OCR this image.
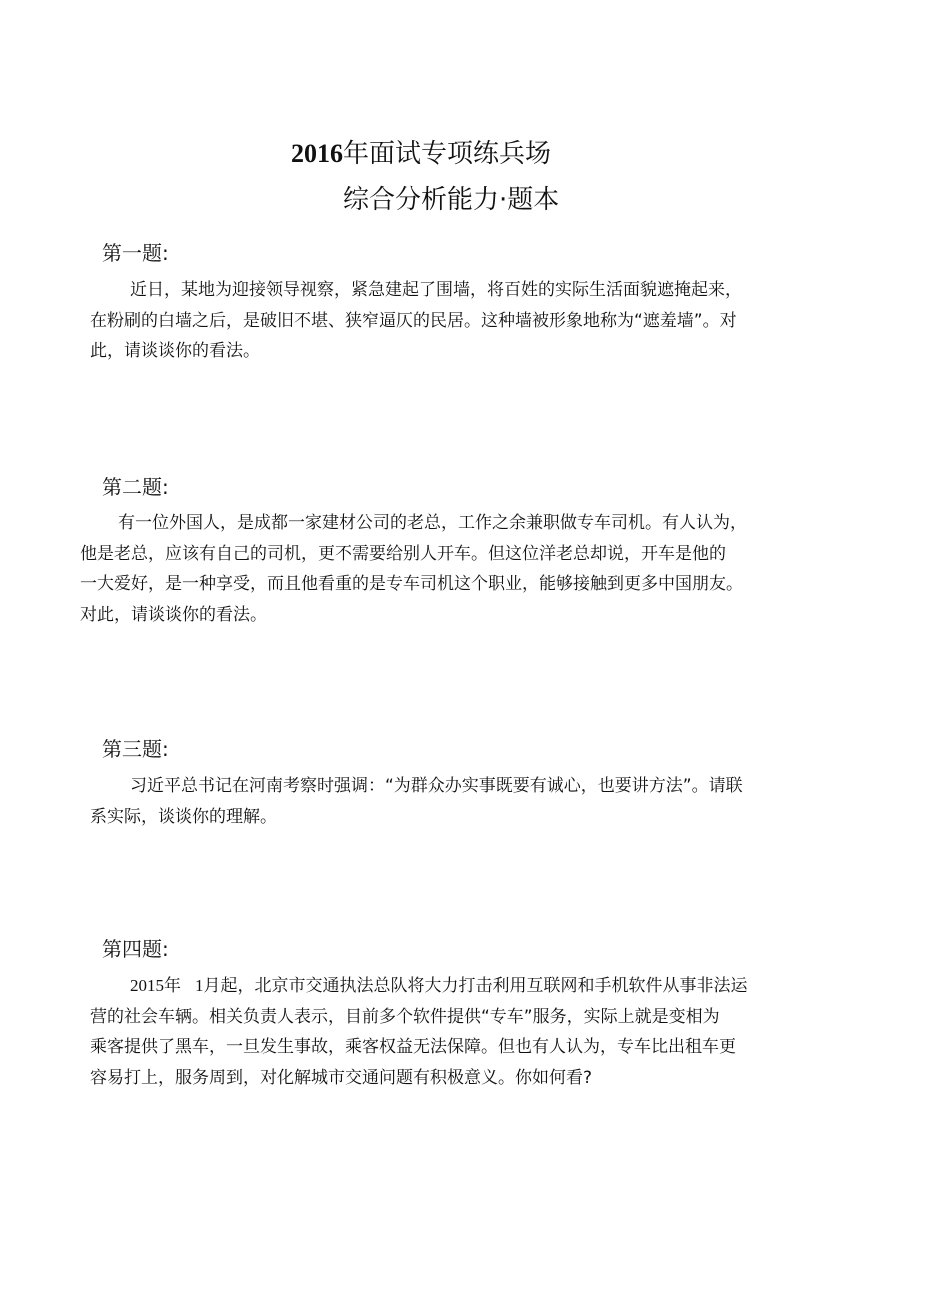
2016年面试专项练兵场
综合分析能力·题本
第一题:
近日，某地为迎接领导视察，紧急建起了围墙，将百姓的实际生活面貌遮掩起来，
在粉刷的白墙之后，是破旧不堪、狭窄逼仄的民居。这种墙被形象地称为“遮羞墙”。对
此，请谈谈你的看法。
第二题:
有一位外国人，是成都一家建材公司的老总，工作之余兼职做专车司机。有人认为，
他是老总，应该有自己的司机，更不需要给别人开车。但这位洋老总却说，开车是他的
一大爱好，是一种享受，而且他看重的是专车司机这个职业，能够接触到更多中国朋友。
对此，请谈谈你的看法。
第三题:
习近平总书记在河南考察时强调：“为群众办实事既要有诚心，也要讲方法”。请联
系实际，谈谈你的理解。
第四题:
2015年 1月起，北京市交通执法总队将大力打击利用互联网和手机软件从事非法运
营的社会车辆。相关负责人表示，目前多个软件提供“专车”服务，实际上就是变相为
乘客提供了黑车，一旦发生事故，乘客权益无法保障。但也有人认为，专车比出租车更
容易打上，服务周到，对化解城市交通问题有积极意义。你如何看?
